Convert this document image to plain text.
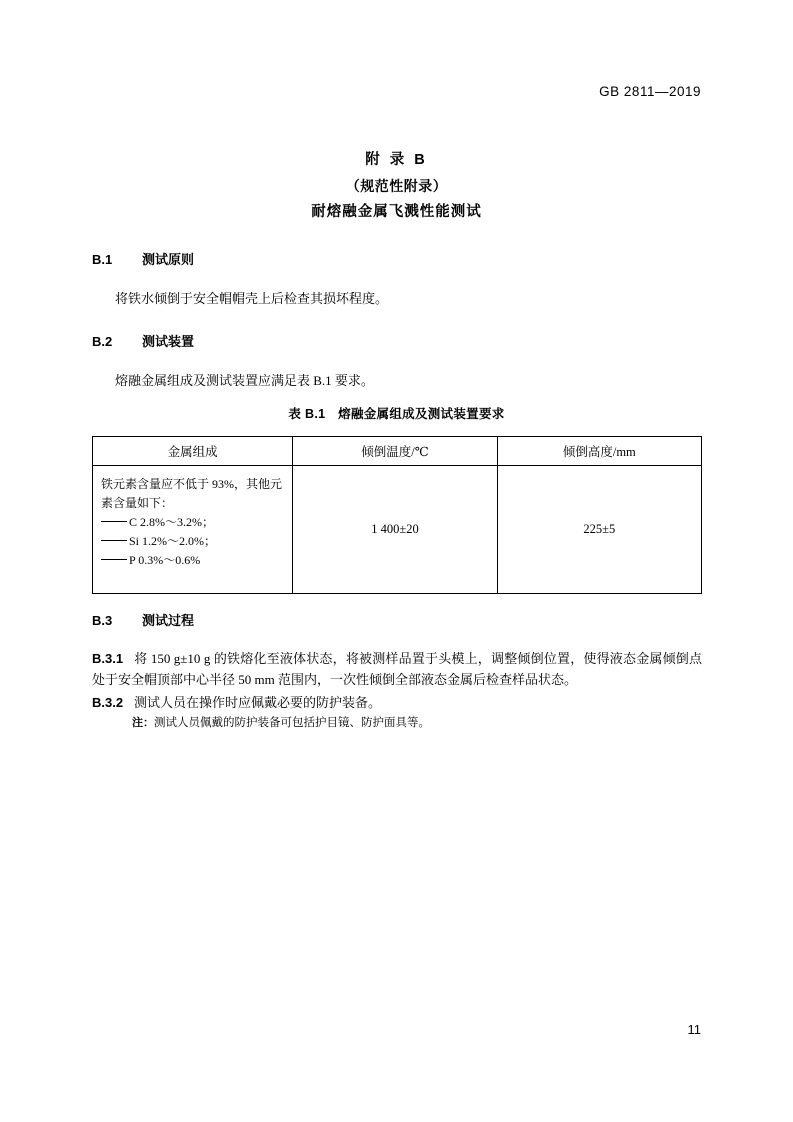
GB 2811—2019
附 录 B
（规范性附录）
耐熔融金属飞溅性能测试
B.1 测试原则
将铁水倾倒于安全帽帽壳上后检查其损坏程度。
B.2 测试装置
熔融金属组成及测试装置应满足表 B.1 要求。
表 B.1　熔融金属组成及测试装置要求
金属组成	倾倒温度/℃	倾倒高度/mm

铁元素含量应不低于 93%，其他元素含量如下：
C 2.8%～3.2%；
Si 1.2%～2.0%；
P 0.3%～0.6%	1 400±20	225±5
B.3 测试过程
B.3.1 将 150 g±10 g 的铁熔化至液体状态，将被测样品置于头模上，调整倾倒位置，使得液态金属倾倒点处于安全帽顶部中心半径 50 mm 范围内，一次性倾倒全部液态金属后检查样品状态。
B.3.2 测试人员在操作时应佩戴必要的防护装备。
注：测试人员佩戴的防护装备可包括护目镜、防护面具等。
11
